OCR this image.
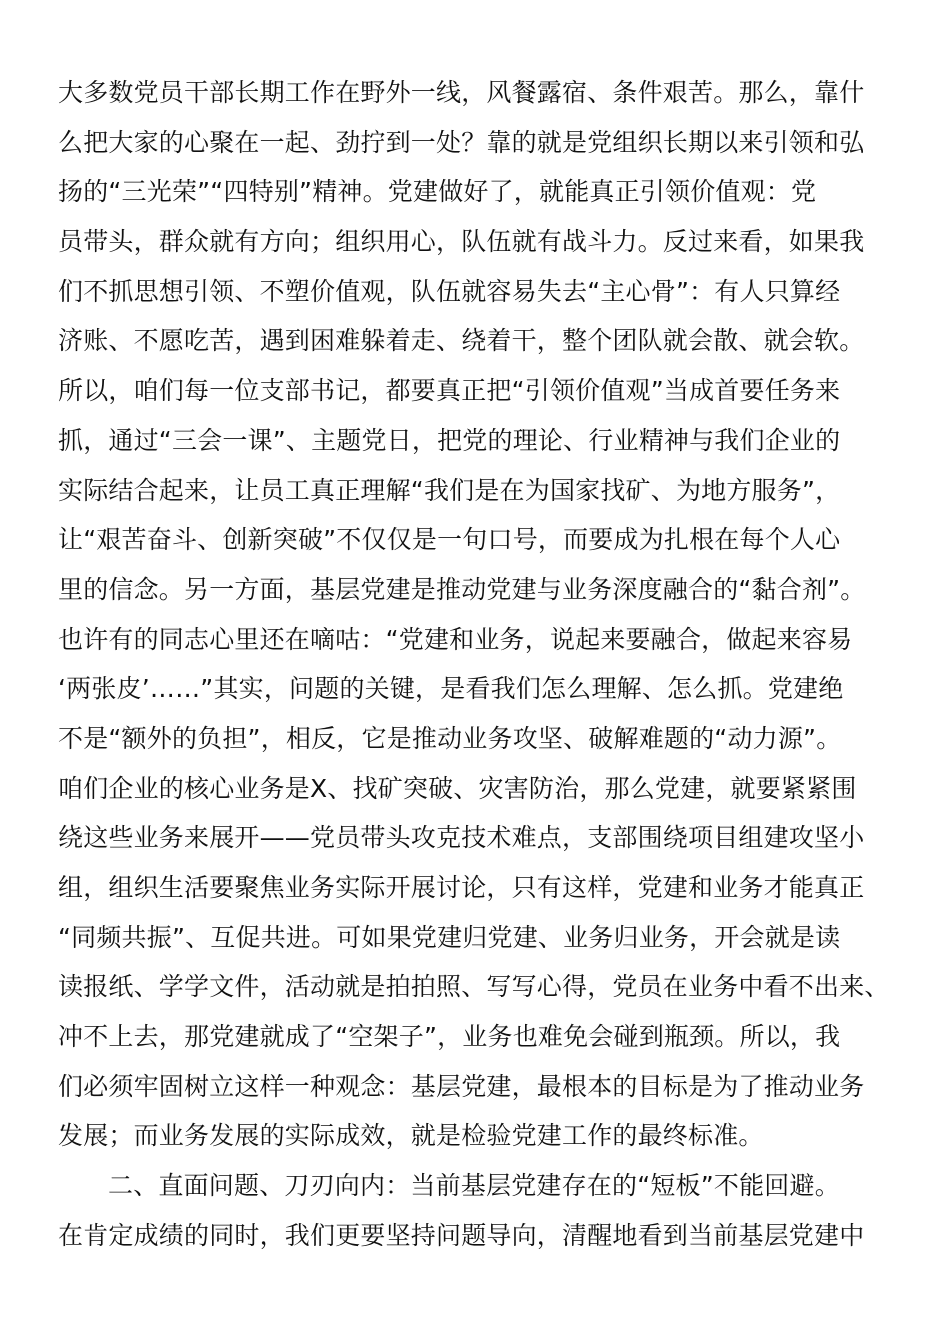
大多数党员干部长期工作在野外一线，风餐露宿、条件艰苦。那么，靠什
么把大家的心聚在一起、劲拧到一处？靠的就是党组织长期以来引领和弘
扬的“三光荣”“四特别”精神。党建做好了，就能真正引领价值观：党
员带头，群众就有方向；组织用心，队伍就有战斗力。反过来看，如果我
们不抓思想引领、不塑价值观，队伍就容易失去“主心骨”：有人只算经
济账、不愿吃苦，遇到困难躲着走、绕着干，整个团队就会散、就会软。
所以，咱们每一位支部书记，都要真正把“引领价值观”当成首要任务来
抓，通过“三会一课”、主题党日，把党的理论、行业精神与我们企业的
实际结合起来，让员工真正理解“我们是在为国家找矿、为地方服务”，
让“艰苦奋斗、创新突破”不仅仅是一句口号，而要成为扎根在每个人心
里的信念。另一方面，基层党建是推动党建与业务深度融合的“黏合剂”。
也许有的同志心里还在嘀咕：“党建和业务，说起来要融合，做起来容易
‘两张皮’……”其实，问题的关键，是看我们怎么理解、怎么抓。党建绝
不是“额外的负担”，相反，它是推动业务攻坚、破解难题的“动力源”。
咱们企业的核心业务是X、找矿突破、灾害防治，那么党建，就要紧紧围
绕这些业务来展开——党员带头攻克技术难点，支部围绕项目组建攻坚小
组，组织生活要聚焦业务实际开展讨论，只有这样，党建和业务才能真正
“同频共振”、互促共进。可如果党建归党建、业务归业务，开会就是读
读报纸、学学文件，活动就是拍拍照、写写心得，党员在业务中看不出来、
冲不上去，那党建就成了“空架子”，业务也难免会碰到瓶颈。所以，我
们必须牢固树立这样一种观念：基层党建，最根本的目标是为了推动业务
发展；而业务发展的实际成效，就是检验党建工作的最终标准。
二、直面问题、刀刃向内：当前基层党建存在的“短板”不能回避。
在肯定成绩的同时，我们更要坚持问题导向，清醒地看到当前基层党建中
